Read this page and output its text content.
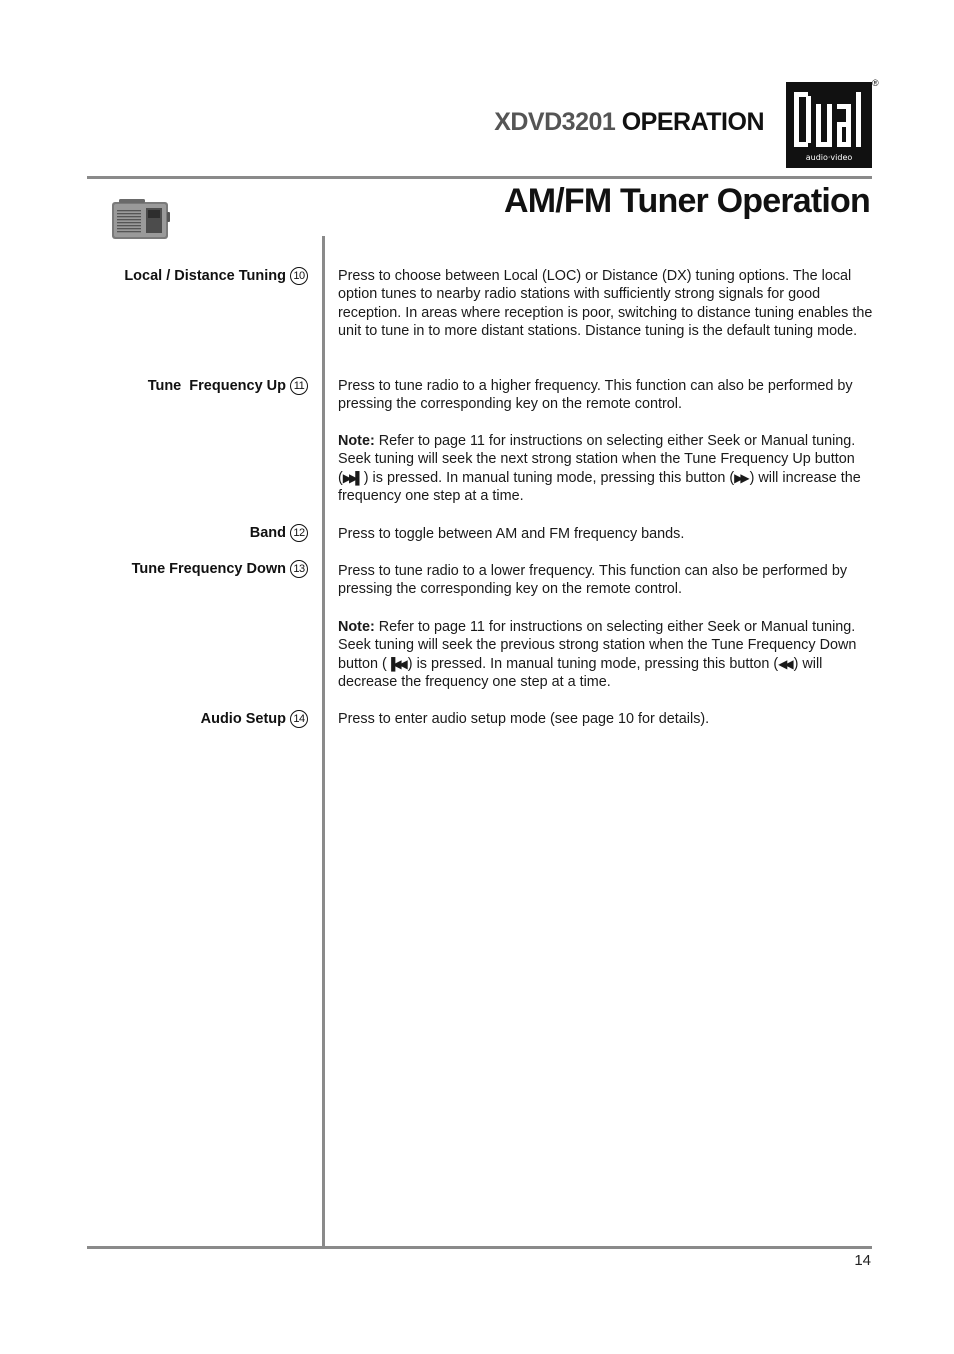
XDVD3201 OPERATION
audio·video
®
AM/FM Tuner Operation
Local / Distance Tuning 10 Press to choose between Local (LOC) or Distance (DX) tuning options. The local option tunes to nearby radio stations with sufficiently strong signals for good reception. In areas where reception is poor, switching to distance tuning enables the unit to tune in to more distant stations. Distance tuning is the default tuning mode.
Tune  Frequency Up 11 Press to tune radio to a higher frequency. This function can also be performed by pressing the corresponding key on the remote control.
Note: Refer to page 11 for instructions on selecting either Seek or Manual tuning. Seek tuning will seek the next strong station when the Tune Frequency Up button (▶▶▌ ) is pressed. In manual tuning mode, pressing this button (▶▶ ) will increase the frequency one step at a time.
Band 12 Press to toggle between AM and FM frequency bands.
Tune Frequency Down 13 Press to tune radio to a lower frequency. This function can also be performed by pressing the corresponding key on the remote control.
Note: Refer to page 11 for instructions on selecting either Seek or Manual tuning. Seek tuning will seek the previous strong station when the Tune Frequency Down button (▐◀◀ ) is pressed. In manual tuning mode, pressing this button (◀◀ ) will decrease the frequency one step at a time.
Audio Setup 14 Press to enter audio setup mode (see page 10 for details).
14
